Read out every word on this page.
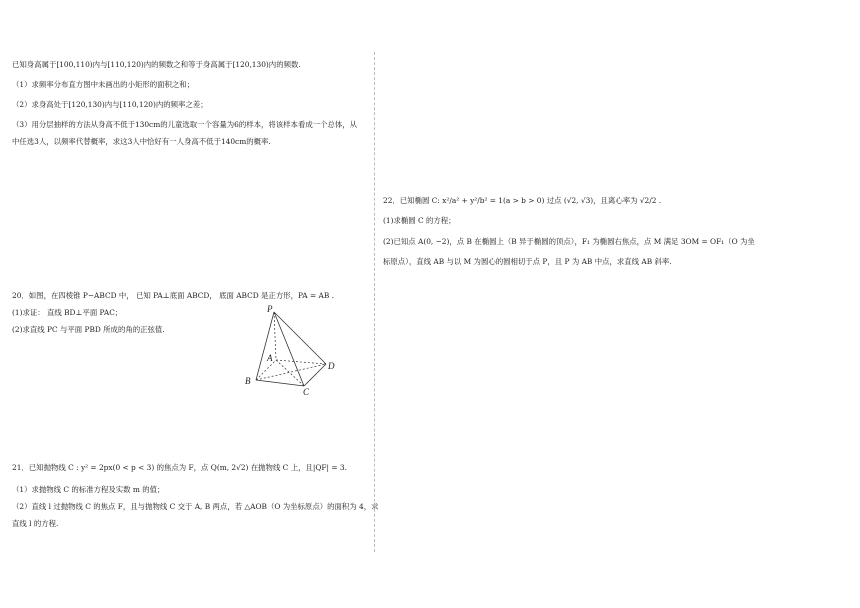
已知身高属于[100,110)内与[110,120)内的频数之和等于身高属于[120,130)内的频数.
（1）求频率分布直方图中未画出的小矩形的面积之和；
（2）求身高处于[120,130)内与[110,120)内的频率之差；
（3）用分层抽样的方法从身高不低于130cm的儿童选取一个容量为6的样本，将该样本看成一个总体，从
中任选3人，以频率代替概率，求这3人中恰好有一人身高不低于140cm的概率.
20．如图，在四棱锥 P−ABCD 中， 已知 PA⊥底面 ABCD， 底面 ABCD 是正方形，PA = AB .
(1)求证： 直线 BD⊥平面 PAC；
(2)求直线 PC 与平面 PBD 所成的角的正弦值.
P
A
B
C
D
21．已知抛物线 C : y² = 2px(0 < p < 3) 的焦点为 F，点 Q(m, 2√2) 在抛物线 C 上，且|QF| = 3.
（1）求抛物线 C 的标准方程及实数 m 的值；
（2）直线 l 过抛物线 C 的焦点 F，且与抛物线 C 交于 A, B 两点，若 △AOB（O 为坐标原点）的面积为 4，求
直线 l 的方程.
22．已知椭圆 C: x²/a² + y²/b² = 1(a > b > 0) 过点 (√2, √3)，且离心率为 √2/2 .
(1)求椭圆 C 的方程；
(2)已知点 A(0, −2)，点 B 在椭圆上（B 异于椭圆的顶点），F₁ 为椭圆右焦点，点 M 满足 3OM = OF₁（O 为坐
标原点），直线 AB 与以 M 为圆心的圆相切于点 P，且 P 为 AB 中点，求直线 AB 斜率.
